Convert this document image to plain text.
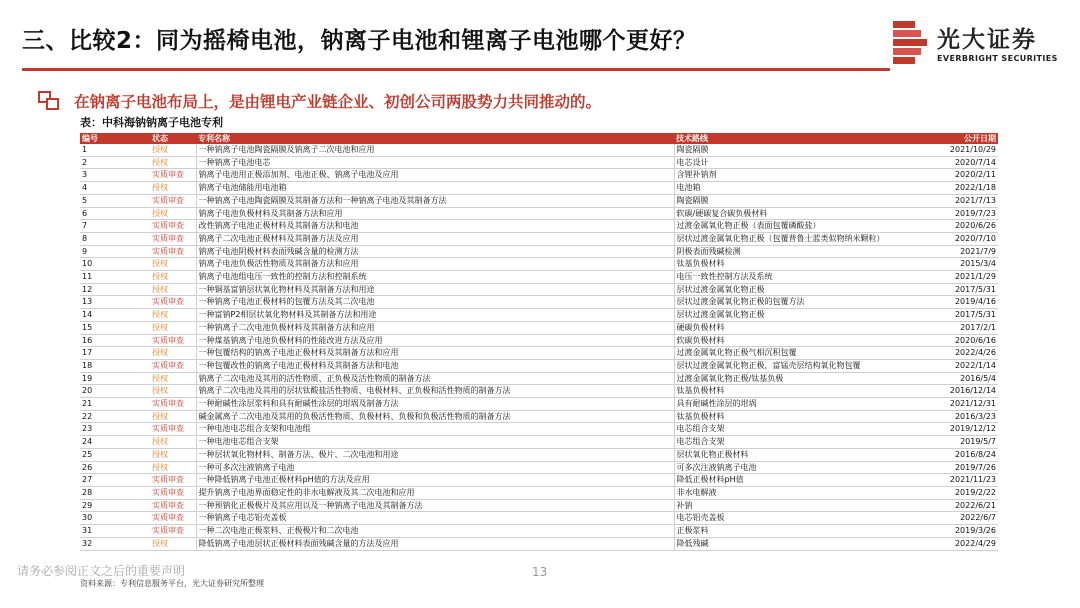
三、比较2：同为摇椅电池，钠离子电池和锂离子电池哪个更好？	光大证券
EVERBRIGHT SECURITIES
在钠离子电池布局上，是由锂电产业链企业、初创公司两股势力共同推动的。
表：中科海钠钠离子电池专利
编号	状态	专利名称	技术路线	公开日期
1	授权	一种钠离子电池陶瓷隔膜及钠离子二次电池和应用	陶瓷隔膜	2021/10/29
2	授权	一种钠离子电池电芯	电芯设计	2020/7/14
3	实质审查	钠离子电池用正极添加剂、电池正极、钠离子电池及应用	含锂补钠剂	2020/2/11
4	授权	钠离子电池储能用电池箱	电池箱	2022/1/18
5	实质审查	一种钠离子电池陶瓷隔膜及其制备方法和一种钠离子电池及其制备方法	陶瓷隔膜	2021/7/13
6	授权	钠离子电池负极材料及其制备方法和应用	软碳/硬碳复合碳负极材料	2019/7/23
7	实质审查	改性钠离子电池正极材料及其制备方法和电池	过渡金属氧化物正极（表面包覆磷酸盐）	2020/6/26
8	实质审查	钠离子二次电池正极材料及其制备方法及应用	层状过渡金属氧化物正极（包覆普鲁士蓝类似物纳米颗粒）	2020/7/10
9	实质审查	钠离子电池阴极材料表面残碱含量的检测方法	阴极表面残碱检测	2021/7/9
10	授权	钠离子电池负极活性物质及其制备方法和应用	钛基负极材料	2015/3/4
11	授权	钠离子电池组电压一致性的控制方法和控制系统	电压一致性控制方法及系统	2021/1/29
12	授权	一种铜基富钠层状氧化物材料及其制备方法和用途	层状过渡金属氧化物正极	2017/5/31
13	实质审查	一种钠离子电池正极材料的包覆方法及其二次电池	层状过渡金属氧化物正极的包覆方法	2019/4/16
14	授权	一种富钠P2相层状氧化物材料及其制备方法和用途	层状过渡金属氧化物正极	2017/5/31
15	授权	一种钠离子二次电池负极材料及其制备方法和应用	硬碳负极材料	2017/2/1
16	实质审查	一种煤基钠离子电池负极材料的性能改进方法及应用	软碳负极材料	2020/6/16
17	授权	一种包覆结构的钠离子电池正极材料及其制备方法和应用	过渡金属氧化物正极气相沉积包覆	2022/4/26
18	实质审查	一种包覆改性的钠离子电池正极材料及其制备方法和电池	层状过渡金属氧化物正极，富锰壳层结构氧化物包覆	2022/1/14
19	授权	钠离子二次电池及其用的活性物质、正负极及活性物质的制备方法	过渡金属氧化物正极/钛基负极	2016/5/4
20	授权	钠离子二次电池及其用的层状钛酸盐活性物质、电极材料、正负极和活性物质的制备方法	钛基负极材料	2016/12/14
21	实质审查	一种耐碱性涂层浆料和具有耐碱性涂层的坩埚及制备方法	具有耐碱性涂层的坩埚	2021/12/31
22	授权	碱金属离子二次电池及其用的负极活性物质、负极材料、负极和负极活性物质的制备方法	钛基负极材料	2016/3/23
23	实质审查	一种电池电芯组合支架和电池组	电芯组合支架	2019/12/12
24	授权	一种电池电芯组合支架	电芯组合支架	2019/5/7
25	授权	一种层状氧化物材料、制备方法、极片、二次电池和用途	层状氧化物正极材料	2016/8/24
26	授权	一种可多次注液钠离子电池	可多次注液钠离子电池	2019/7/26
27	实质审查	一种降低钠离子电池正极材料pH值的方法及应用	降低正极材料pH值	2021/11/23
28	实质审查	提升钠离子电池界面稳定性的非水电解液及其二次电池和应用	非水电解液	2019/2/22
29	实质审查	一种预钠化正极极片及其应用以及一种钠离子电池及其制备方法	补钠	2022/6/21
30	实质审查	一种钠离子电芯铝壳盖板	电芯铝壳盖板	2022/6/7
31	实质审查	一种二次电池正极浆料、正极极片和二次电池	正极浆料	2019/3/26
32	授权	降低钠离子电池层状正极材料表面残碱含量的方法及应用	降低残碱	2022/4/29
资料来源：专利信息服务平台，光大证券研究所整理
请务必参阅正文之后的重要声明	13
